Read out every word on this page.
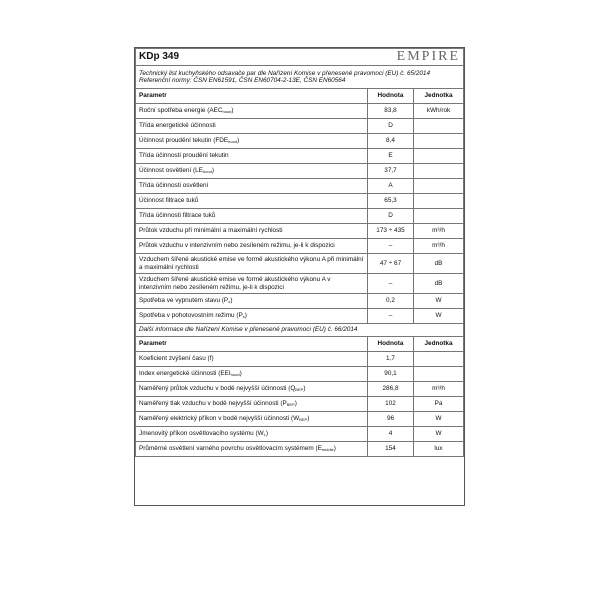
KDp 349	EMPIRE	

Technický list kuchyňského odsavače par dle Nařízení Komise v přenesené pravomoci (EU) č. 65/2014
Referenční normy: ČSN EN61591, ČSN EN60704-2-13E, ČSN EN60564		

Parametr	Hodnota	Jednotka
Roční spotřeba energie $(AEC_{hood})$	83,8	kWh/rok
Třída energetické účinnosti	D	
Účinnost proudění tekutin $(FDE_{hood})$	8,4	
Třída účinnosti proudění tekutin	E	
Účinnost osvětlení $(LE_{hood})$	37,7	
Třída účinnosti osvětlení	A	
Účinnost filtrace tuků	65,3	
Třída účinnosti filtrace tuků	D	
Průtok vzduchu při minimální a maximální rychlosti	173 ÷ 435	m³/h
Průtok vzduchu v intenzivním nebo zesíleném režimu, je-li k dispozici	–	m³/h
Vzduchem šířené akustické emise ve formě akustického výkonu A při minimální a maximální rychlosti	47 ÷ 67	dB
Vzduchem šířené akustické emise ve formě akustického výkonu A v intenzivním nebo zesíleném režimu, je-li k dispozici	–	dB
Spotřeba ve vypnutém stavu $(P_o)$	0,2	W
Spotřeba v pohotovostním režimu $(P_s)$	–	W
Další informace dle Nařízení Komise v přenesené pravomoci (EU) č. 66/2014		
Parametr	Hodnota	Jednotka
Koeficient zvýšení času (f)	1,7	
Index energetické účinnosti $(EEI_{hood})$	90,1	
Naměřený průtok vzduchu v bodě nejvyšší účinnosti $(Q_{BEP})$	286,8	m³/h
Naměřený tlak vzduchu v bodě nejvyšší účinnosti $(P_{BEP})$	102	Pa
Naměřený elektrický příkon v bodě nejvyšší účinnosti $(W_{BEP})$	96	W
Jmenovitý příkon osvětlovacího systému $(W_L)$	4	W
Průměrné osvětlení varného povrchu osvětlovacím systémem $(E_{middle})$	154	lux
